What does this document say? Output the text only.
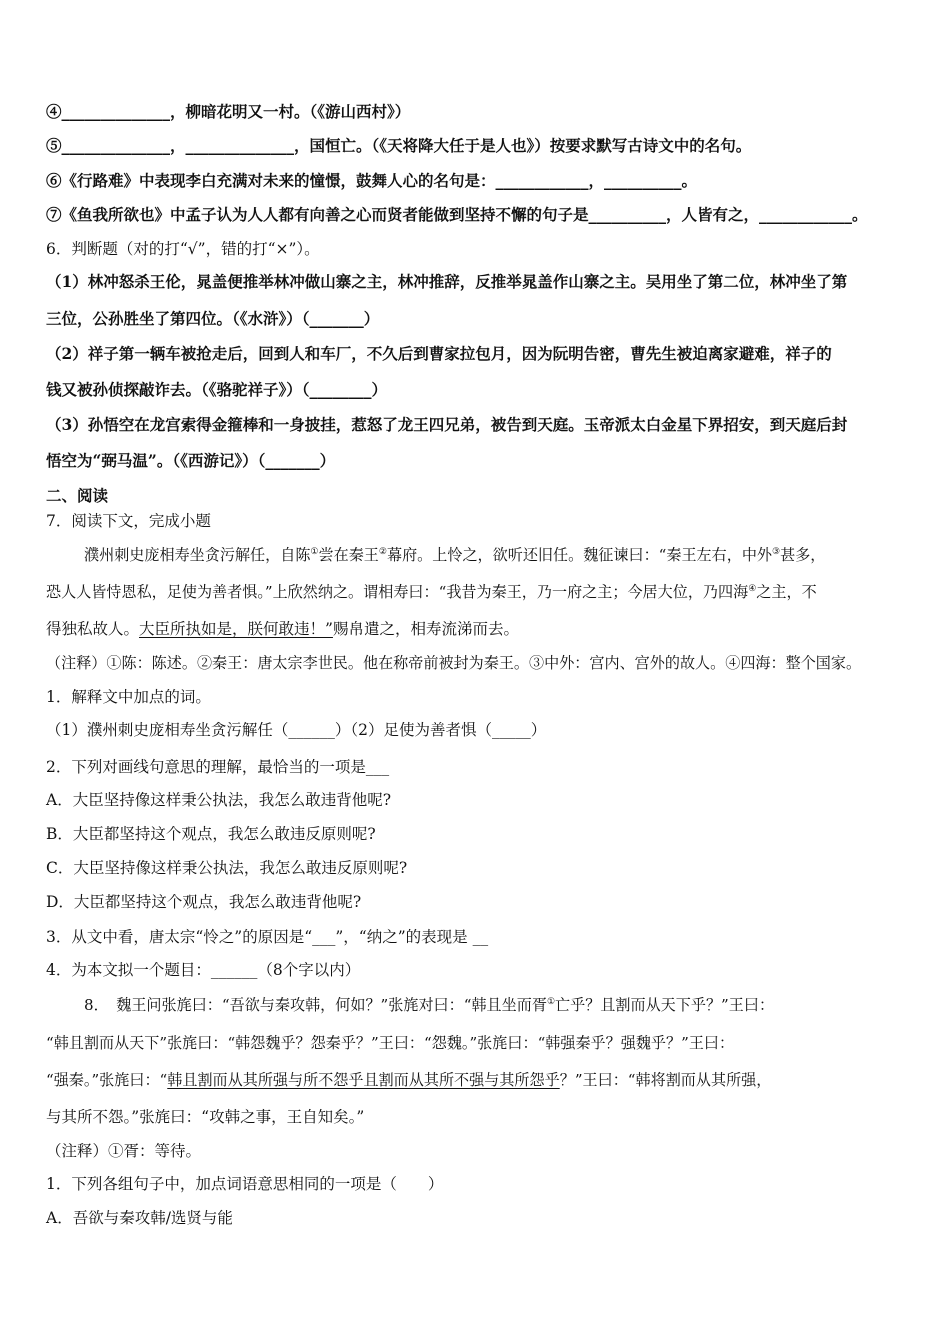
④______________，柳暗花明又一村。（《游山西村》）
⑤______________，______________，国恒亡。（《天将降大任于是人也》）按要求默写古诗文中的名句。
⑥《行路难》中表现李白充满对未来的憧憬，鼓舞人心的名句是：____________，__________。
⑦《鱼我所欲也》中孟子认为人人都有向善之心而贤者能做到坚持不懈的句子是__________，人皆有之，____________。
6．判断题（对的打“√”，错的打“×”）。
（1）林冲怒杀王伦，晁盖便推举林冲做山寨之主，林冲推辞，反推举晁盖作山寨之主。吴用坐了第二位，林冲坐了第
三位，公孙胜坐了第四位。（《水浒》）（_______）
（2）祥子第一辆车被抢走后，回到人和车厂，不久后到曹家拉包月，因为阮明告密，曹先生被迫离家避难，祥子的
钱又被孙侦探敲诈去。（《骆驼祥子》）（________）
（3）孙悟空在龙宫索得金箍棒和一身披挂，惹怒了龙王四兄弟，被告到天庭。玉帝派太白金星下界招安，到天庭后封
悟空为“弼马温”。（《西游记》）（_______）
二、阅读
7．阅读下文，完成小题
濮州刺史庞相寿坐贪污解任，自陈①尝在秦王②幕府。上怜之，欲听还旧任。魏征谏曰：“秦王左右，中外③甚多，
恐人人皆恃恩私，足使为善者惧。”上欣然纳之。谓相寿曰：“我昔为秦王，乃一府之主；今居大位，乃四海④之主，不
得独私故人。大臣所执如是，朕何敢违！”赐帛遣之，相寿流涕而去。
（注释）①陈：陈述。②秦王：唐太宗李世民。他在称帝前被封为秦王。③中外：宫内、宫外的故人。④四海：整个国家。
1．解释文中加点的词。
（1）濮州刺史庞相寿坐贪污解任（______）（2）足使为善者惧（_____）
2．下列对画线句意思的理解，最恰当的一项是___
A．大臣坚持像这样秉公执法，我怎么敢违背他呢?
B．大臣都坚持这个观点，我怎么敢违反原则呢?
C．大臣坚持像这样秉公执法，我怎么敢违反原则呢?
D．大臣都坚持这个观点，我怎么敢违背他呢?
3．从文中看，唐太宗“怜之”的原因是“___”，“纳之”的表现是 __
4．为本文拟一个题目：______（8个字以内）
8．　魏王问张旄曰：“吾欲与秦攻韩，何如？”张旄对曰：“韩且坐而胥①亡乎？且割而从天下乎？”王曰：
“韩且割而从天下”张旄曰：“韩怨魏乎？怨秦乎？”王曰：“怨魏。”张旄曰：“韩强秦乎？强魏乎？”王曰：
“强秦。”张旄曰：“韩且割而从其所强与所不怨乎且割而从其所不强与其所怨乎？”王曰：“韩将割而从其所强，
与其所不怨。”张旄曰：“攻韩之事，王自知矣。”
（注释）①胥：等待。
1．下列各组句子中，加点词语意思相同的一项是（　　）
A．吾欲与秦攻韩/选贤与能
